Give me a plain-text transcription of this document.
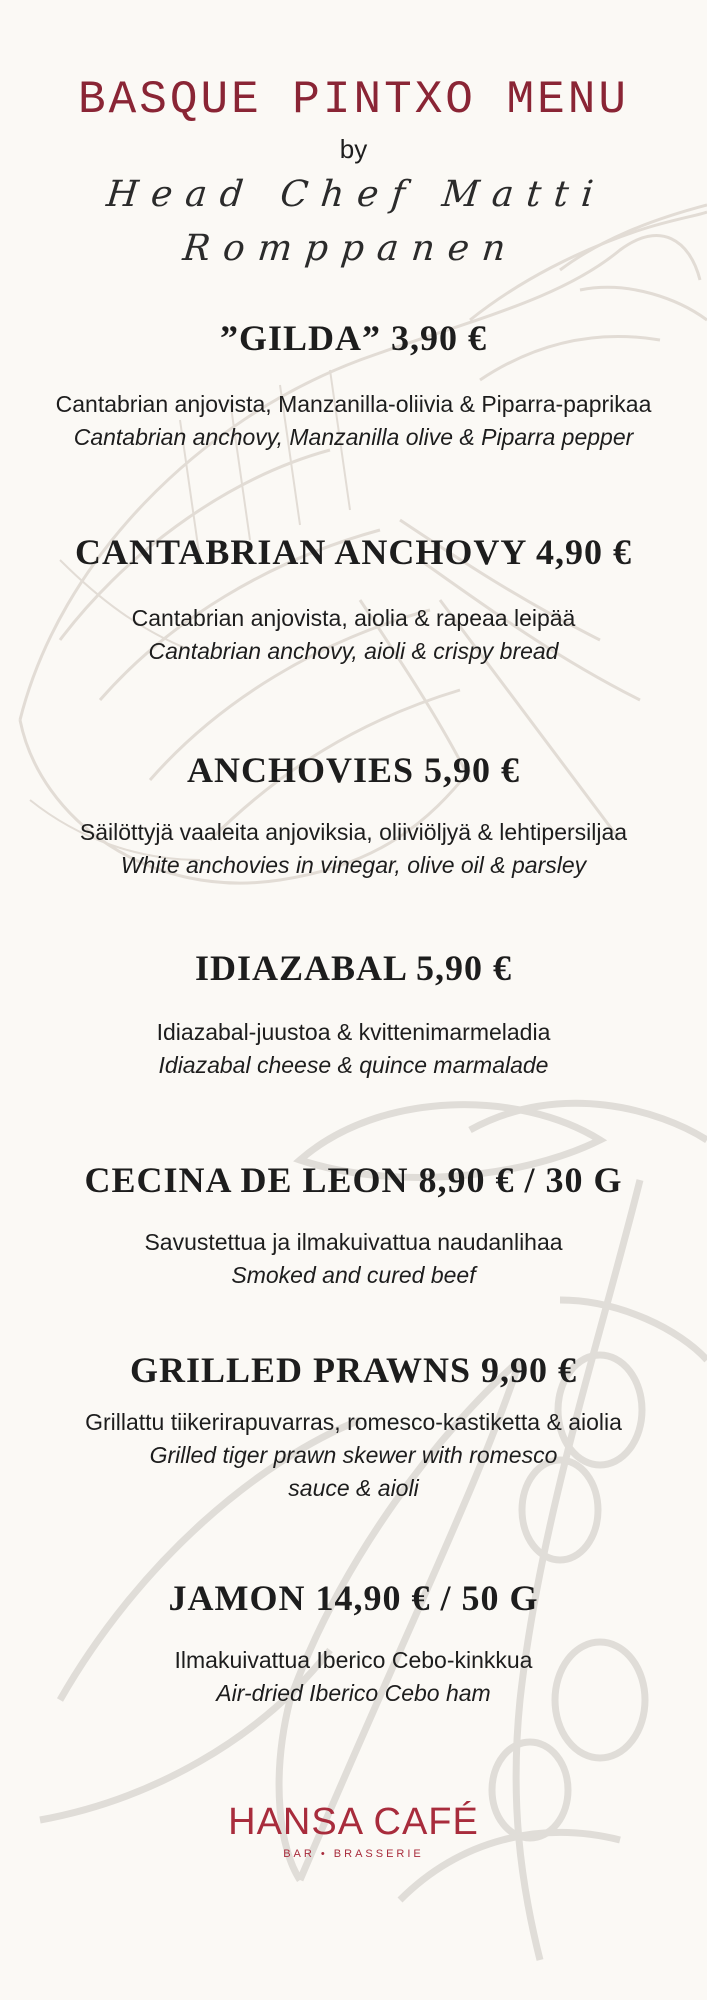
BASQUE PINTXO MENU
by
Head Chef Matti Romppanen
”GILDA” 3,90 €
Cantabrian anjovista, Manzanilla-oliivia & Piparra-paprikaa
Cantabrian anchovy, Manzanilla olive & Piparra pepper
CANTABRIAN ANCHOVY 4,90 €
Cantabrian anjovista, aiolia & rapeaa leipää
Cantabrian anchovy, aioli & crispy bread
ANCHOVIES 5,90 €
Säilöttyjä vaaleita anjoviksia, oliiviöljyä & lehtipersiljaa
White anchovies in vinegar, olive oil & parsley
IDIAZABAL 5,90 €
Idiazabal-juustoa & kvittenimarmeladia
Idiazabal cheese & quince marmalade
CECINA DE LEON 8,90 € / 30 G
Savustettua ja ilmakuivattua naudanlihaa
Smoked and cured beef
GRILLED PRAWNS 9,90 €
Grillattu tiikerirapuvarras, romesco-kastiketta & aiolia
Grilled tiger prawn skewer with romesco
sauce & aioli
JAMON 14,90 € / 50 G
Ilmakuivattua Iberico Cebo-kinkkua
Air-dried Iberico Cebo ham
HANSA CAFÉ
BAR • BRASSERIE
